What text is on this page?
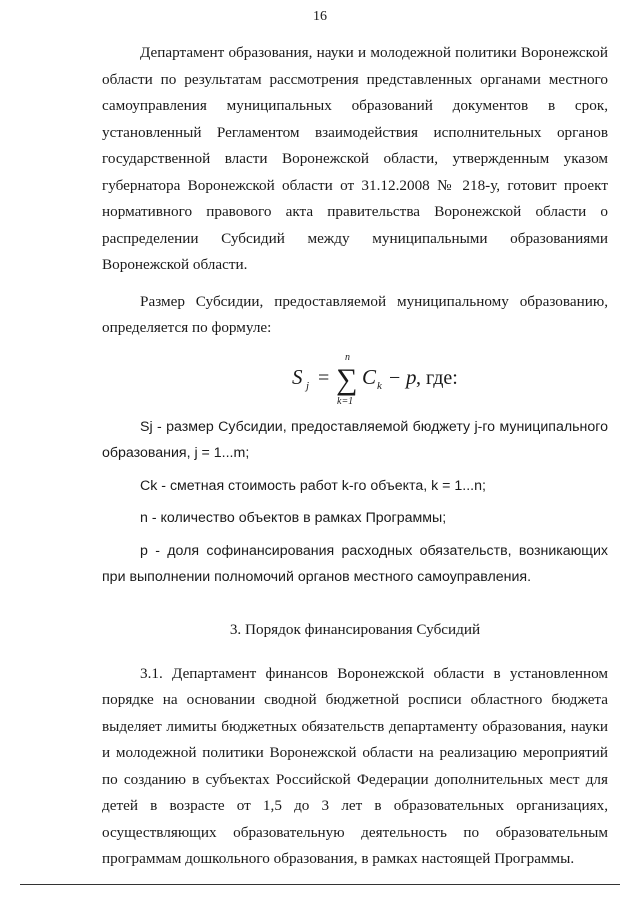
16

Департамент образования, науки и молодежной политики Воронежской области по результатам рассмотрения представленных органами местного самоуправления муниципальных образований документов в срок, установленный Регламентом взаимодействия исполнительных органов государственной власти Воронежской области, утвержденным указом губернатора Воронежской области от 31.12.2008 № 218-у, готовит проект нормативного правового акта правительства Воронежской области о распределении Субсидий между муниципальными образованиями Воронежской области.

Размер Субсидии, предоставляемой муниципальному образованию, определяется по формуле:

S j =
n
∑
k=1
C k − p , где:

Sj - размер Субсидии, предоставляемой бюджету j-го муниципального образования, j = 1...m;

Ck - сметная стоимость работ k-го объекта, k = 1...n;

n - количество объектов в рамках Программы;

p - доля софинансирования расходных обязательств, возникающих при выполнении полномочий органов местного самоуправления.

3. Порядок финансирования Субсидий

3.1. Департамент финансов Воронежской области в установленном порядке на основании сводной бюджетной росписи областного бюджета выделяет лимиты бюджетных обязательств департаменту образования, науки и молодежной политики Воронежской области на реализацию мероприятий по созданию в субъектах Российской Федерации дополнительных мест для детей в возрасте от 1,5 до 3 лет в образовательных организациях, осуществляющих образовательную деятельность по образовательным программам дошкольного образования, в рамках настоящей Программы.
